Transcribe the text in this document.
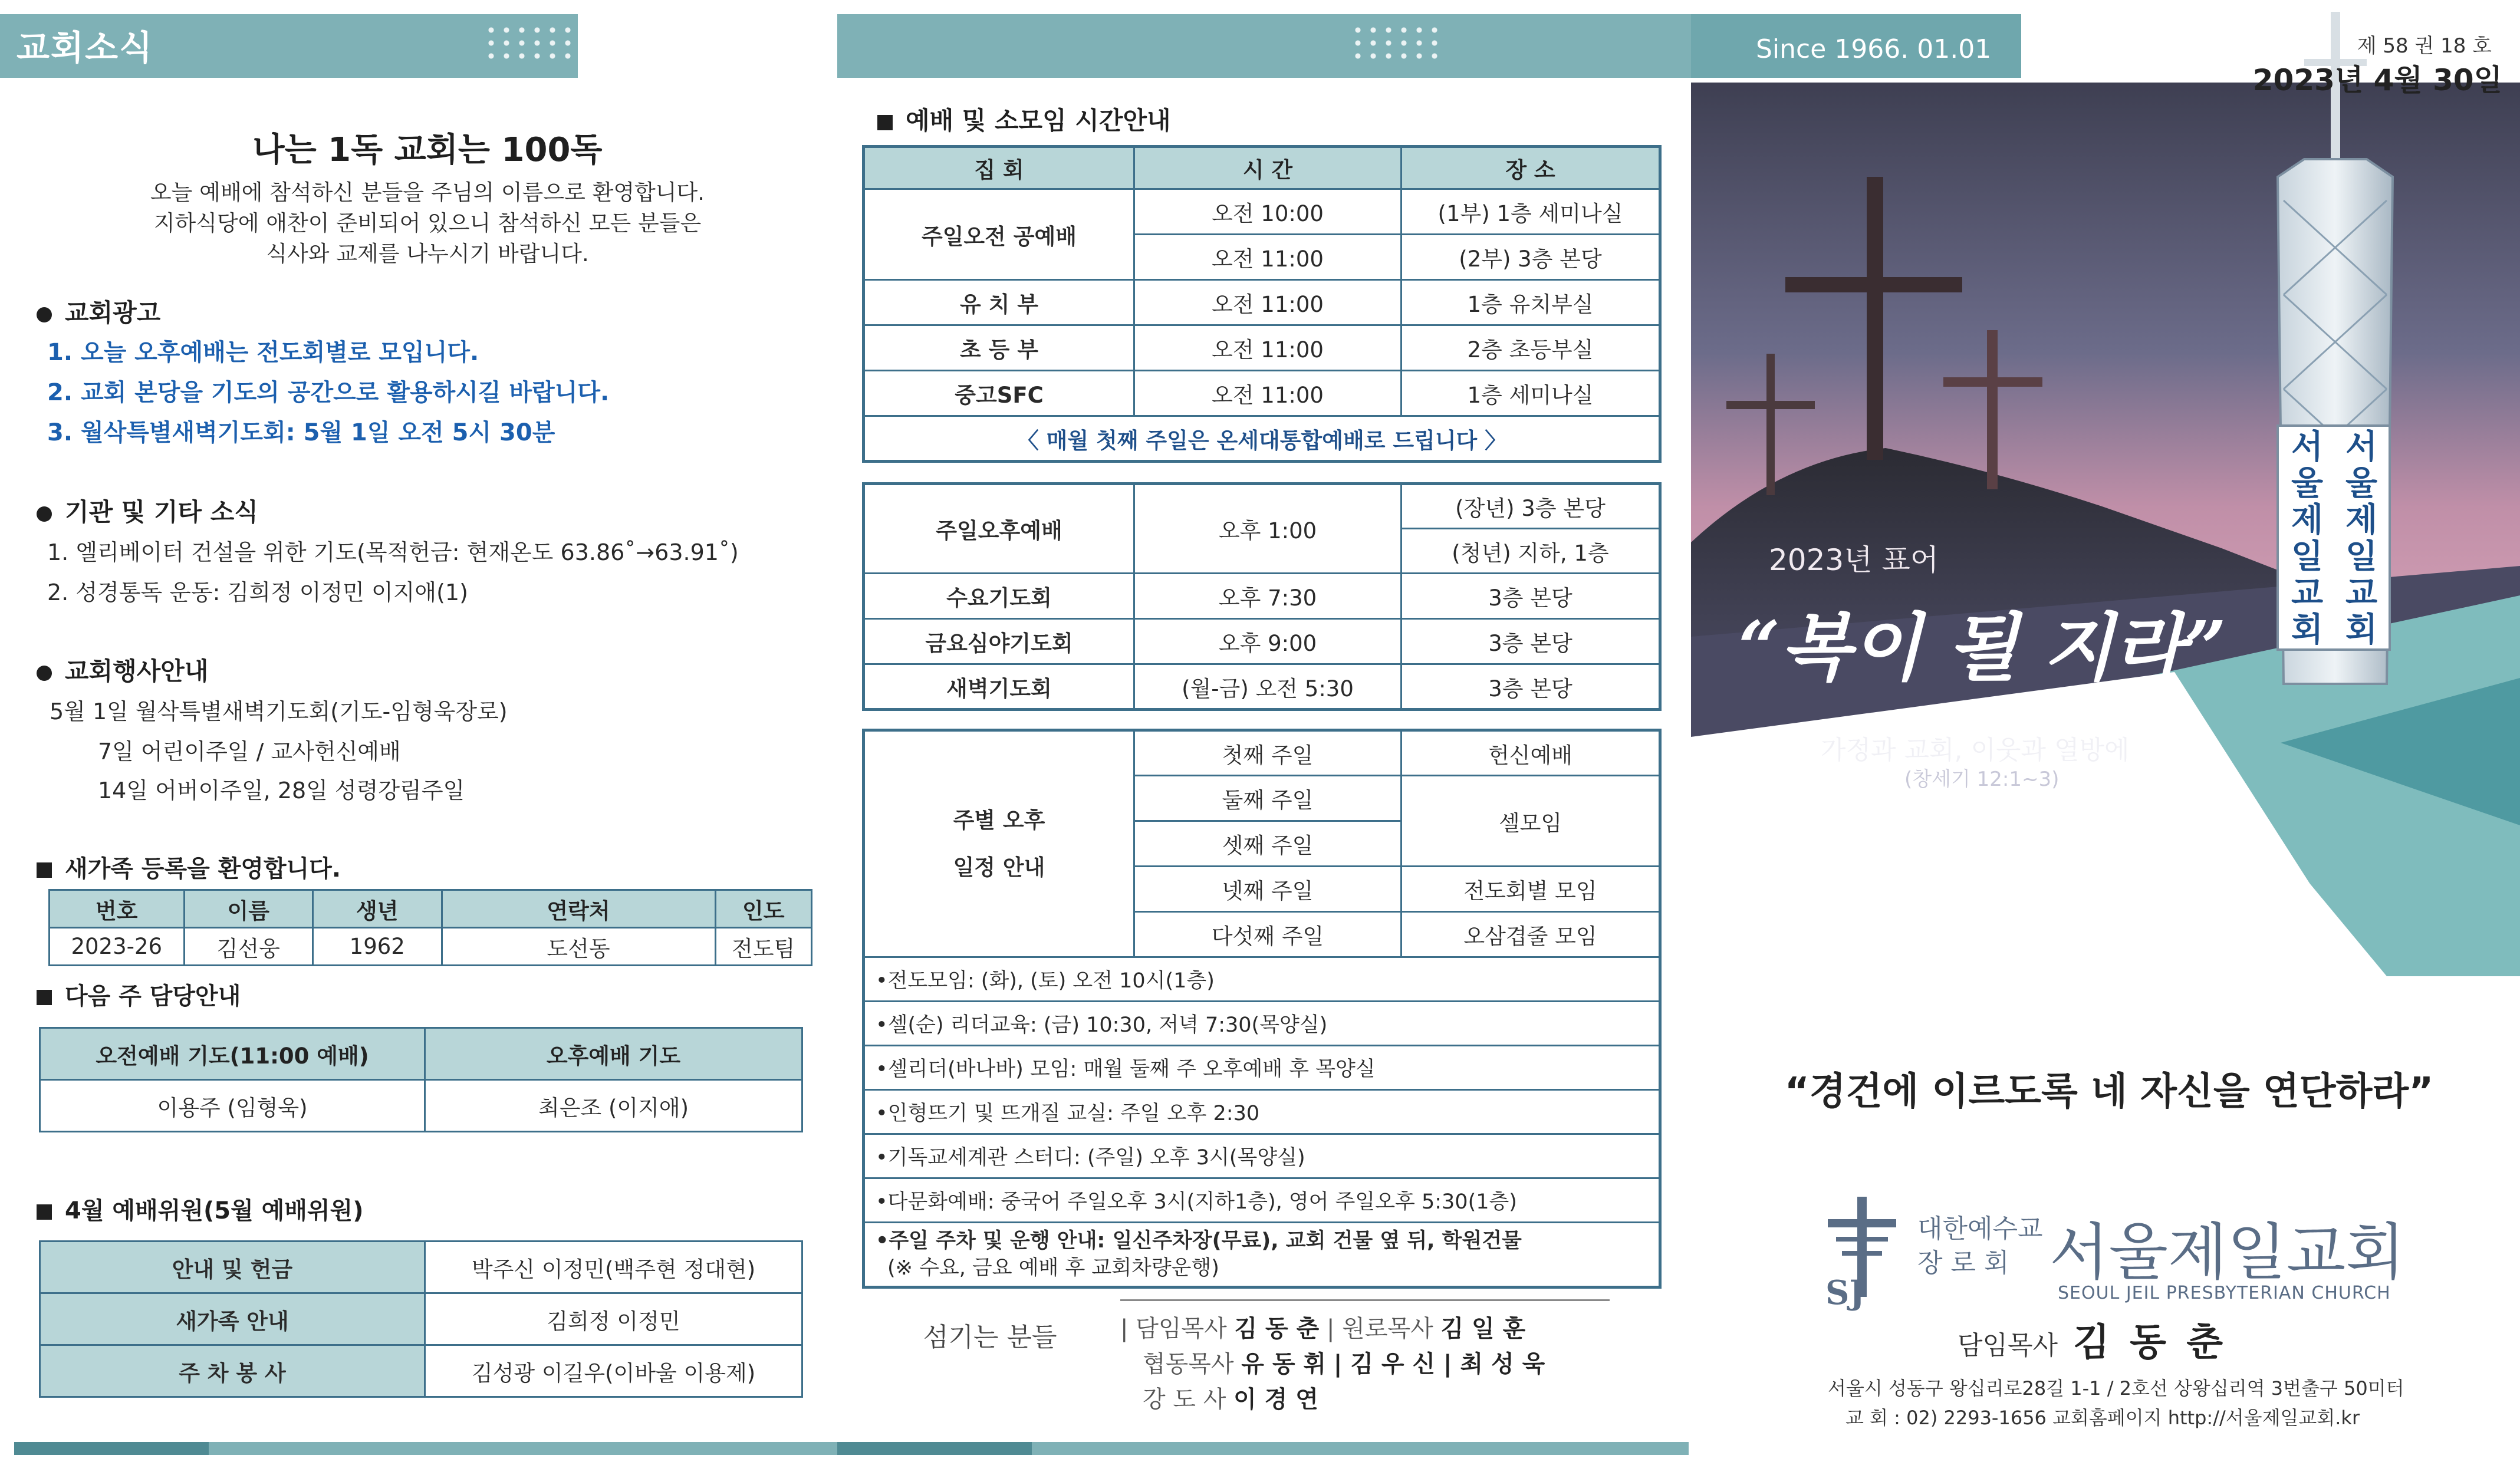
교회소식
나는 1독 교회는 100독
오늘 예배에 참석하신 분들을 주님의 이름으로 환영합니다.
지하식당에 애찬이 준비되어 있으니 참석하신 모든 분들은
식사와 교제를 나누시기 바랍니다.
교회광고
1. 오늘 오후예배는 전도회별로 모입니다.
2. 교회 본당을 기도의 공간으로 활용하시길 바랍니다.
3. 월삭특별새벽기도회: 5월 1일 오전 5시 30분
기관 및 기타 소식
1. 엘리베이터 건설을 위한 기도(목적헌금: 현재온도 63.86˚→63.91˚)
2. 성경통독 운동: 김희정 이정민 이지애(1)
교회행사안내
5월 1일 월삭특별새벽기도회(기도-임형욱장로)
7일 어린이주일 / 교사헌신예배
14일 어버이주일, 28일 성령강림주일
새가족 등록을 환영합니다.
번호	이름	생년	연락처	인도
2023-26	김선웅	1962	도선동	전도팀
다음 주 담당안내
오전예배 기도(11:00 예배)	오후예배 기도
이용주 (임형욱)	최은조 (이지애)
4월 예배위원(5월 예배위원)
안내 및 헌금	박주신 이정민(백주현 정대현)
새가족 안내	김희정 이정민
주 차 봉 사	김성광 이길우(이바울 이용제)
예배 및 소모임 시간안내
집 회	시 간	장 소
주일오전 공예배	오전 10:00	(1부) 1층 세미나실
	오전 11:00	(2부) 3층 본당
유 치 부	오전 11:00	1층 유치부실
초 등 부	오전 11:00	2층 초등부실
중고SFC	오전 11:00	1층 세미나실
〈 매월 첫째 주일은 온세대통합예배로 드립니다 〉		
주일오후예배	오후 1:00	(장년) 3층 본당
		(청년) 지하, 1층
수요기도회	오후 7:30	3층 본당
금요심야기도회	오후 9:00	3층 본당
새벽기도회	(월-금) 오전 5:30	3층 본당
주별 오후
일정 안내	첫째 주일	헌신예배
	둘째 주일	셀모임
	셋째 주일	
	넷째 주일	전도회별 모임
	다섯째 주일	오삼겹줄 모임
•전도모임: (화), (토) 오전 10시(1층)		
•셀(순) 리더교육: (금) 10:30, 저녁 7:30(목양실)		
•셀리더(바나바) 모임: 매월 둘째 주 오후예배 후 목양실		
•인형뜨기 및 뜨개질 교실: 주일 오후 2:30		
•기독교세계관 스터디: (주일) 오후 3시(목양실)		
•다문화예배: 중국어 주일오후 3시(지하1층), 영어 주일오후 5:30(1층)		
•주일 주차 및 운행 안내: 일신주차장(무료), 교회 건물 옆 뒤, 학원건물
(※ 수요, 금요 예배 후 교회차량운행)		
섬기는 분들	| 담임목사 김 동 춘 | 원로목사 김 일 훈
협동목사 유 동 휘 | 김 우 신 | 최 성 욱
강 도 사 이 경 연
서울제일교회
서울제일교회
Since 1966. 01.01	제 58 권 18 호
2023년 4월 30일
2023년 표어
“복이 될 지라”
가정과 교회, 이웃과 열방에
(창세기 12:1~3)
“경건에 이르도록 네 자신을 연단하라”
SJ
대한예수교
장 로 회 서울제일교회
SEOUL JEIL PRESBYTERIAN CHURCH
담임목사 김 동 춘
서울시 성동구 왕십리로28길 1-1 / 2호선 상왕십리역 3번출구 50미터
교 회 : 02) 2293-1656 교회홈페이지 http://서울제일교회.kr
